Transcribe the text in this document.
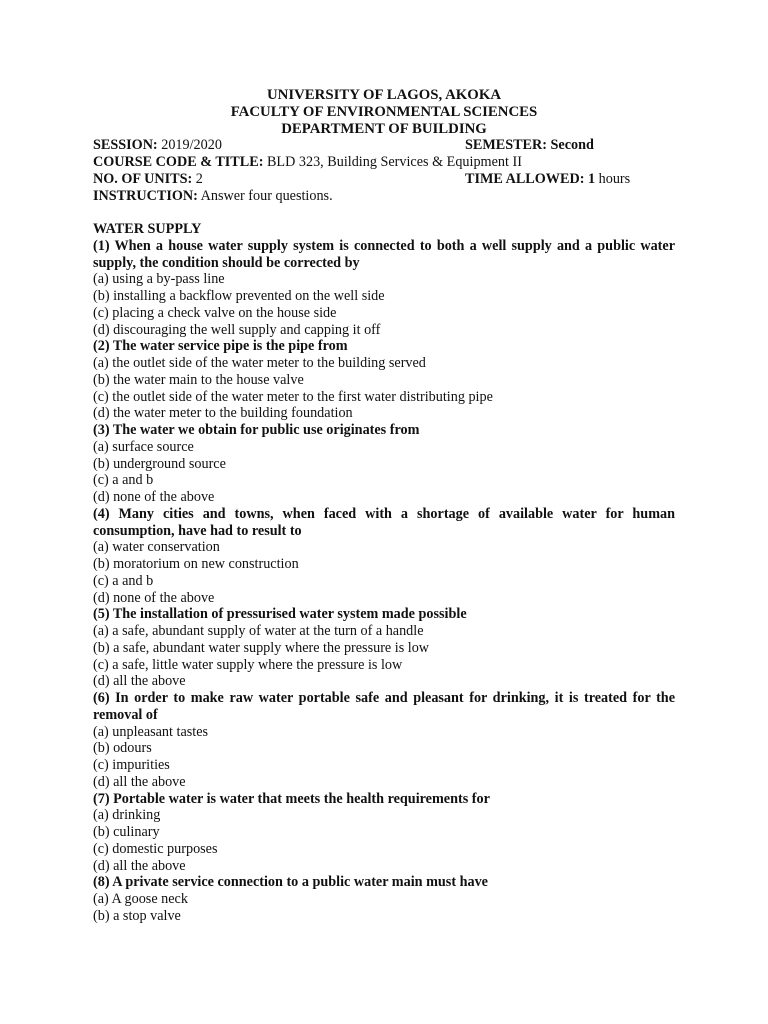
UNIVERSITY OF LAGOS, AKOKA
FACULTY OF ENVIRONMENTAL SCIENCES
DEPARTMENT OF BUILDING
SESSION: 2019/2020	SEMESTER: Second
COURSE CODE & TITLE: BLD 323, Building Services & Equipment II
NO. OF UNITS: 2	TIME ALLOWED: 1 hours
INSTRUCTION: Answer four questions.
WATER SUPPLY
(1) When a house water supply system is connected to both a well supply and a public water supply, the condition should be corrected by
(a) using a by-pass line
(b) installing a backflow prevented on the well side
(c) placing a check valve on the house side
(d) discouraging the well supply and capping it off
(2) The water service pipe is the pipe from
(a) the outlet side of the water meter to the building served
(b) the water main to the house valve
(c) the outlet side of the water meter to the first water distributing pipe
(d) the water meter to the building foundation
(3) The water we obtain for public use originates from
(a) surface source
(b) underground source
(c) a and b
(d) none of the above
(4) Many cities and towns, when faced with a shortage of available water for human consumption, have had to result to
(a) water conservation
(b) moratorium on new construction
(c) a and b
(d) none of the above
(5) The installation of pressurised water system made possible
(a) a safe, abundant supply of water at the turn of a handle
(b) a safe, abundant water supply where the pressure is low
(c) a safe, little water supply where the pressure is low
(d) all the above
(6) In order to make raw water portable safe and pleasant for drinking, it is treated for the removal of
(a) unpleasant tastes
(b) odours
(c) impurities
(d) all the above
(7) Portable water is water that meets the health requirements for
(a) drinking
(b) culinary
(c) domestic purposes
(d) all the above
(8) A private service connection to a public water main must have
(a) A goose neck
(b) a stop valve
